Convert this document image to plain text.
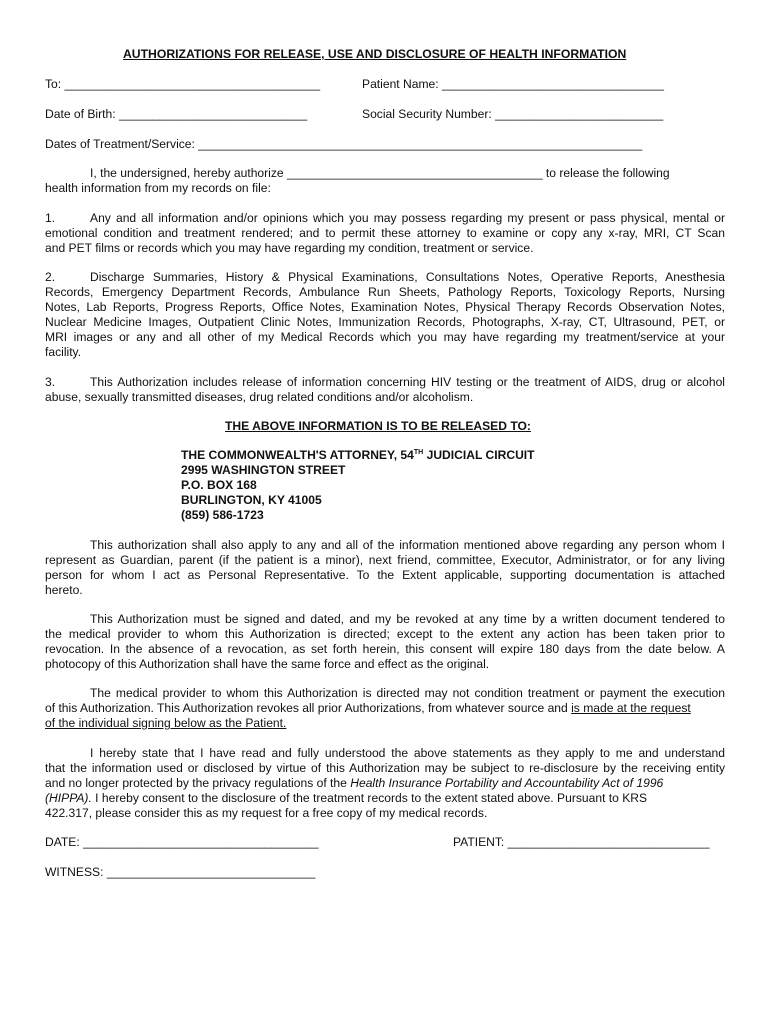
AUTHORIZATIONS FOR RELEASE, USE AND DISCLOSURE OF HEALTH INFORMATION
To: ______________________________________	Patient Name: _________________________________
Date of Birth: ____________________________	Social Security Number: _________________________
Dates of Treatment/Service: __________________________________________________________________
I, the undersigned, hereby authorize ______________________________________ to release the following
health information from my records on file:
1.	Any and all information and/or opinions which you may possess regarding my present or pass physical, mental or
emotional condition and treatment rendered; and to permit these attorney to examine or copy any x-ray, MRI, CT Scan
and PET films or records which you may have regarding my condition, treatment or service.
2.	Discharge Summaries, History & Physical Examinations, Consultations Notes, Operative Reports, Anesthesia
Records, Emergency Department Records, Ambulance Run Sheets, Pathology Reports, Toxicology Reports, Nursing
Notes, Lab Reports, Progress Reports, Office Notes, Examination Notes, Physical Therapy Records Observation Notes,
Nuclear Medicine Images, Outpatient Clinic Notes, Immunization Records, Photographs, X-ray, CT, Ultrasound, PET, or
MRI images or any and all other of my Medical Records which you may have regarding my treatment/service at your
facility.
3.	This Authorization includes release of information concerning HIV testing or the treatment of AIDS, drug or alcohol
abuse, sexually transmitted diseases, drug related conditions and/or alcoholism.
THE ABOVE INFORMATION IS TO BE RELEASED TO:
THE COMMONWEALTH'S ATTORNEY, 54TH JUDICIAL CIRCUIT
2995 WASHINGTON STREET
P.O. BOX 168
BURLINGTON, KY 41005
(859) 586-1723
This authorization shall also apply to any and all of the information mentioned above regarding any person whom I
represent as Guardian, parent (if the patient is a minor), next friend, committee, Executor, Administrator, or for any living
person for whom I act as Personal Representative. To the Extent applicable, supporting documentation is attached
hereto.
This Authorization must be signed and dated, and my be revoked at any time by a written document tendered to
the medical provider to whom this Authorization is directed; except to the extent any action has been taken prior to
revocation. In the absence of a revocation, as set forth herein, this consent will expire 180 days from the date below. A
photocopy of this Authorization shall have the same force and effect as the original.
The medical provider to whom this Authorization is directed may not condition treatment or payment the execution
of this Authorization. This Authorization revokes all prior Authorizations, from whatever source and is made at the request
of the individual signing below as the Patient.
I hereby state that I have read and fully understood the above statements as they apply to me and understand
that the information used or disclosed by virtue of this Authorization may be subject to re-disclosure by the receiving entity
and no longer protected by the privacy regulations of the Health Insurance Portability and Accountability Act of 1996
(HIPPA). I hereby consent to the disclosure of the treatment records to the extent stated above. Pursuant to KRS
422.317, please consider this as my request for a free copy of my medical records.
DATE: ___________________________________	PATIENT: ______________________________
WITNESS: _______________________________
